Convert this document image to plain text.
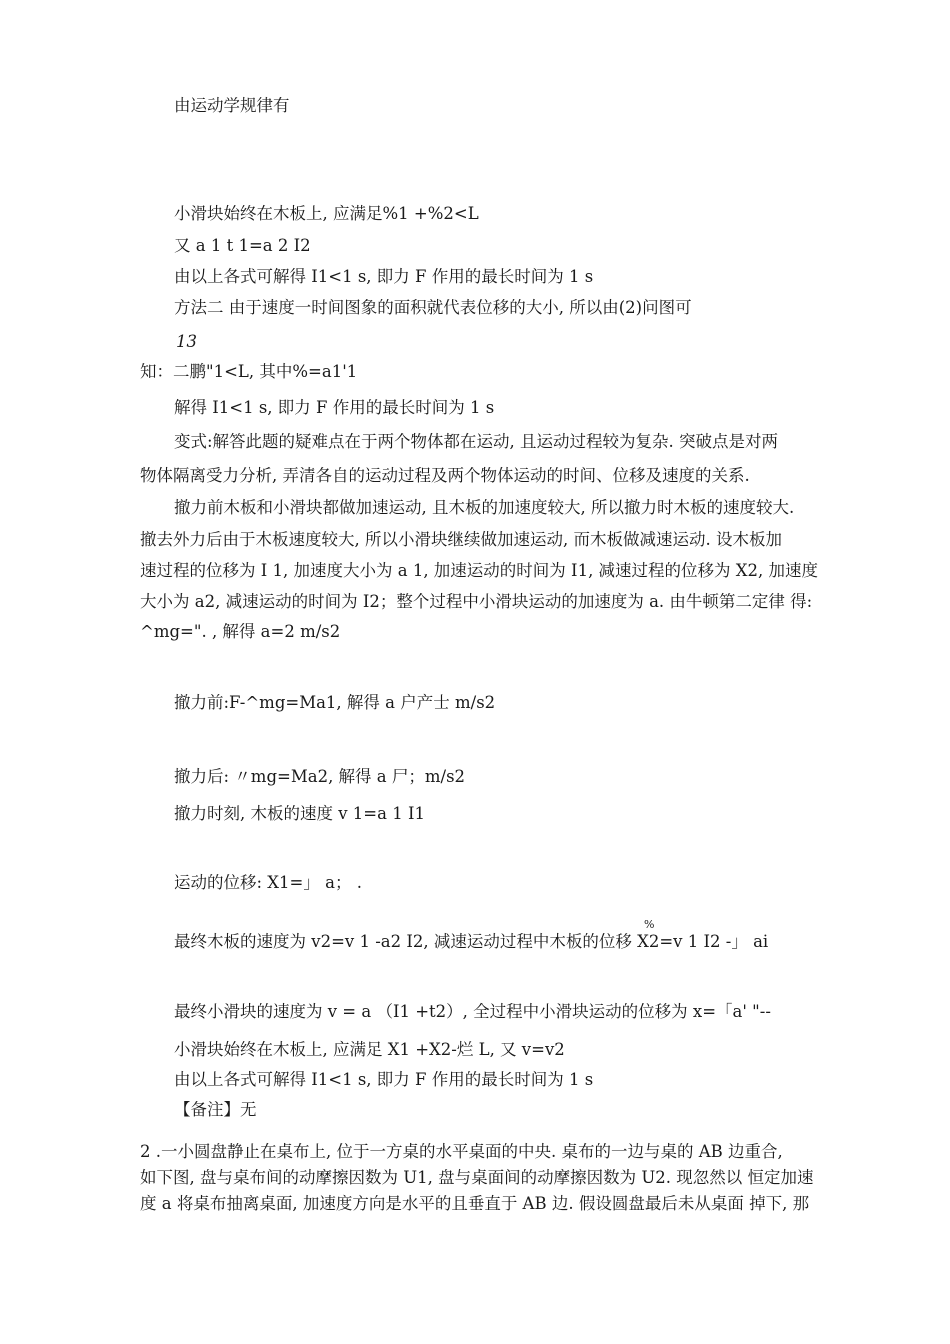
由运动学规律有
小滑块始终在木板上, 应满足%1 +%2<L
又 a 1 t 1=a 2 I2
由以上各式可解得 I1<1 s, 即力 F 作用的最长时间为 1 s
方法二 由于速度一时间图象的面积就代表位移的大小, 所以由(2)问图可
13
知：二鹏"1<L, 其中%=a1'1
解得 I1<1 s, 即力 F 作用的最长时间为 1 s
变式:解答此题的疑难点在于两个物体都在运动, 且运动过程较为复杂. 突破点是对两
物体隔离受力分析, 弄清各自的运动过程及两个物体运动的时间、位移及速度的关系.
撤力前木板和小滑块都做加速运动, 且木板的加速度较大, 所以撤力时木板的速度较大.
撤去外力后由于木板速度较大, 所以小滑块继续做加速运动, 而木板做减速运动. 设木板加
速过程的位移为 I 1, 加速度大小为 a 1, 加速运动的时间为 I1, 减速过程的位移为 X2, 加速度
大小为 a2, 减速运动的时间为 I2；整个过程中小滑块运动的加速度为 a. 由牛顿第二定律 得:
^mg=". , 解得 a=2 m/s2
撤力前:F-^mg=Ma1, 解得 a 户产士 m/s2
撤力后: 〃mg=Ma2, 解得 a 尸；m/s2
撤力时刻, 木板的速度 v 1=a 1 I1
运动的位移: X1=」 a； .
%
最终木板的速度为 v2=v 1 -a2 I2, 减速运动过程中木板的位移 X2=v 1 I2 -」 ai
最终小滑块的速度为 v = a （I1 +t2）, 全过程中小滑块运动的位移为 x=「a' "--
小滑块始终在木板上, 应满足 X1 +X2-烂 L, 又 v=v2
由以上各式可解得 I1<1 s, 即力 F 作用的最长时间为 1 s
【备注】无
2 .一小圆盘静止在桌布上, 位于一方桌的水平桌面的中央. 桌布的一边与桌的 AB 边重合,
如下图, 盘与桌布间的动摩擦因数为 U1, 盘与桌面间的动摩擦因数为 U2. 现忽然以 恒定加速
度 a 将桌布抽离桌面, 加速度方向是水平的且垂直于 AB 边. 假设圆盘最后未从桌面 掉下, 那
